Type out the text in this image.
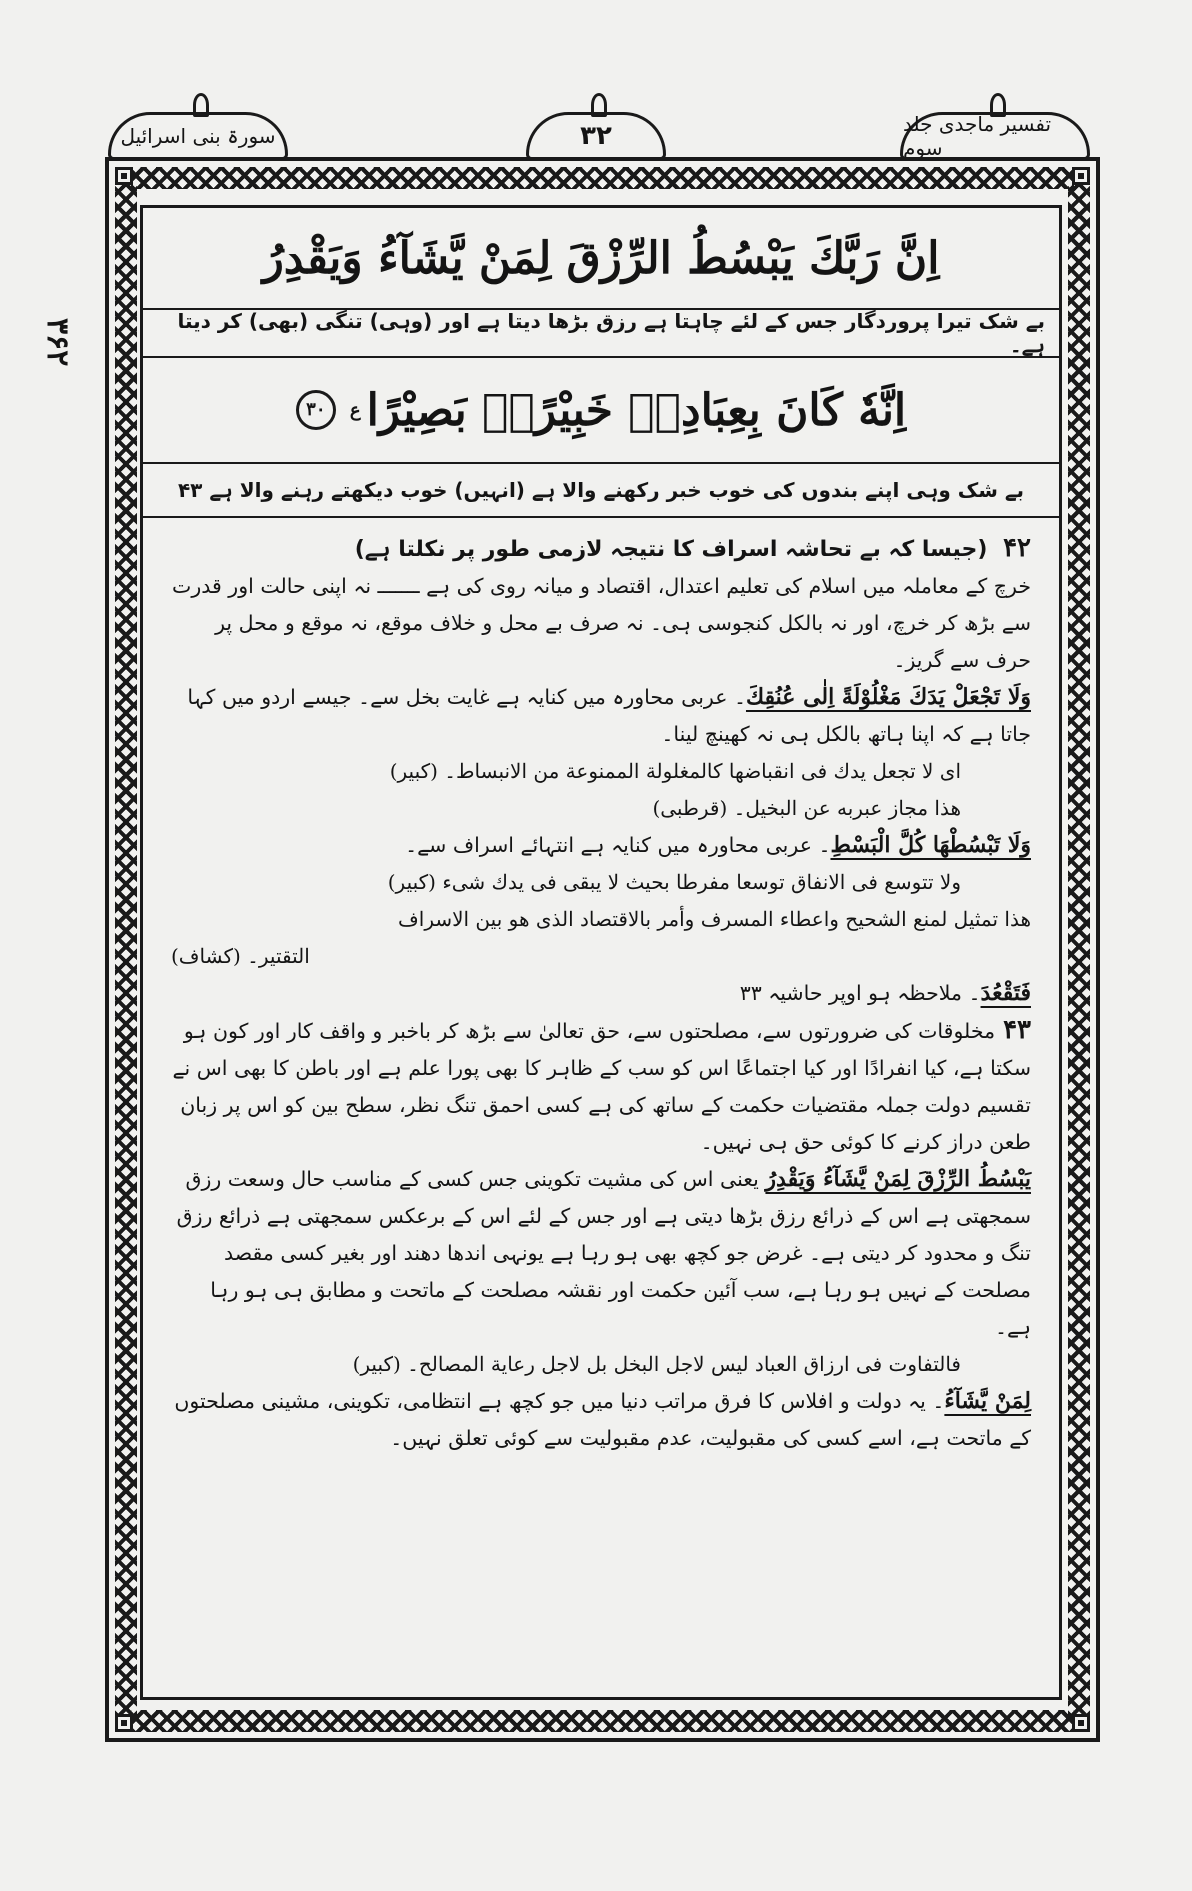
سورۃ بنی اسرائیل	۳۲	تفسیر ماجدی جلد سوم
۳۶۲
اِنَّ رَبَّكَ يَبْسُطُ الرِّزْقَ لِمَنْ يَّشَآءُ وَيَقْدِرُ
بے شک تیرا پروردگار جس کے لئے چاہتا ہے رزق بڑھا دیتا ہے اور (وہی) تنگی (بھی) کر دیتا ہے۔
اِنَّهٗ كَانَ بِعِبَادِهٖ خَبِيْرًاۢ بَصِيْرًا
ع
۳۰
بے شک وہی اپنے بندوں کی خوب خبر رکھنے والا ہے (انہیں) خوب دیکھتے رہنے والا ہے ۴۳

۴۲ (جیسا کہ بے تحاشہ اسراف کا نتیجہ لازمی طور پر نکلتا ہے)

خرچ کے معاملہ میں اسلام کی تعلیم اعتدال، اقتصاد و میانہ روی کی ہے ـــــــ نہ اپنی حالت اور قدرت سے بڑھ کر خرچ، اور نہ بالکل کنجوسی ہی۔ نہ صرف بے محل و خلاف موقع، نہ موقع و محل پر حرف سے گریز۔

وَلَا تَجْعَلْ يَدَكَ مَغْلُوْلَةً اِلٰى عُنُقِكَ۔ عربی محاورہ میں کنایہ ہے غایت بخل سے۔ جیسے اردو میں کہا جاتا ہے کہ اپنا ہاتھ بالکل ہی نہ کھینچ لینا۔

ای لا تجعل یدك فی انقباضھا كالمغلولة الممنوعة من الانبساط۔ (کبیر)

ھذا مجاز عبربه عن البخیل۔ (قرطبی)

وَلَا تَبْسُطْهَا كُلَّ الْبَسْطِ۔ عربی محاورہ میں کنایہ ہے انتہائے اسراف سے۔

ولا تتوسع فی الانفاق توسعا مفرطا بحیث لا یبقی فی یدك شیء (کبیر)

ھذا تمثیل لمنع الشحیح واعطاء المسرف وأمر بالاقتصاد الذی ھو بین الاسراف

التقتیر۔ (کشاف)

فَتَقْعُدَ۔ ملاحظہ ہو اوپر حاشیہ ۳۳

۴۳مخلوقات کی ضرورتوں سے، مصلحتوں سے، حق تعالیٰ سے بڑھ کر باخبر و واقف کار اور کون ہو سکتا ہے، کیا انفرادًا اور کیا اجتماعًا اس کو سب کے ظاہر کا بھی پورا علم ہے اور باطن کا بھی اس نے تقسیم دولت جملہ مقتضیات حکمت کے ساتھ کی ہے کسی احمق تنگ نظر، سطح بین کو اس پر زبان طعن دراز کرنے کا کوئی حق ہی نہیں۔

يَبْسُطُ الرِّزْقَ لِمَنْ يَّشَآءُ وَيَقْدِرُ یعنی اس کی مشیت تکوینی جس کسی کے مناسب حال وسعت رزق سمجھتی ہے اس کے ذرائع رزق بڑھا دیتی ہے اور جس کے لئے اس کے برعکس سمجھتی ہے ذرائع رزق تنگ و محدود کر دیتی ہے۔ غرض جو کچھ بھی ہو رہا ہے یونہی اندھا دھند اور بغیر کسی مقصد مصلحت کے نہیں ہو رہا ہے، سب آئین حکمت اور نقشہ مصلحت کے ماتحت و مطابق ہی ہو رہا ہے۔

فالتفاوت فی ارزاق العباد لیس لاجل البخل بل لاجل رعایة المصالح۔ (کبیر)

لِمَنْ يَّشَآءُ۔ یہ دولت و افلاس کا فرق مراتب دنیا میں جو کچھ ہے انتظامی، تکوینی، مشینی مصلحتوں کے ماتحت ہے، اسے کسی کی مقبولیت، عدم مقبولیت سے کوئی تعلق نہیں۔
